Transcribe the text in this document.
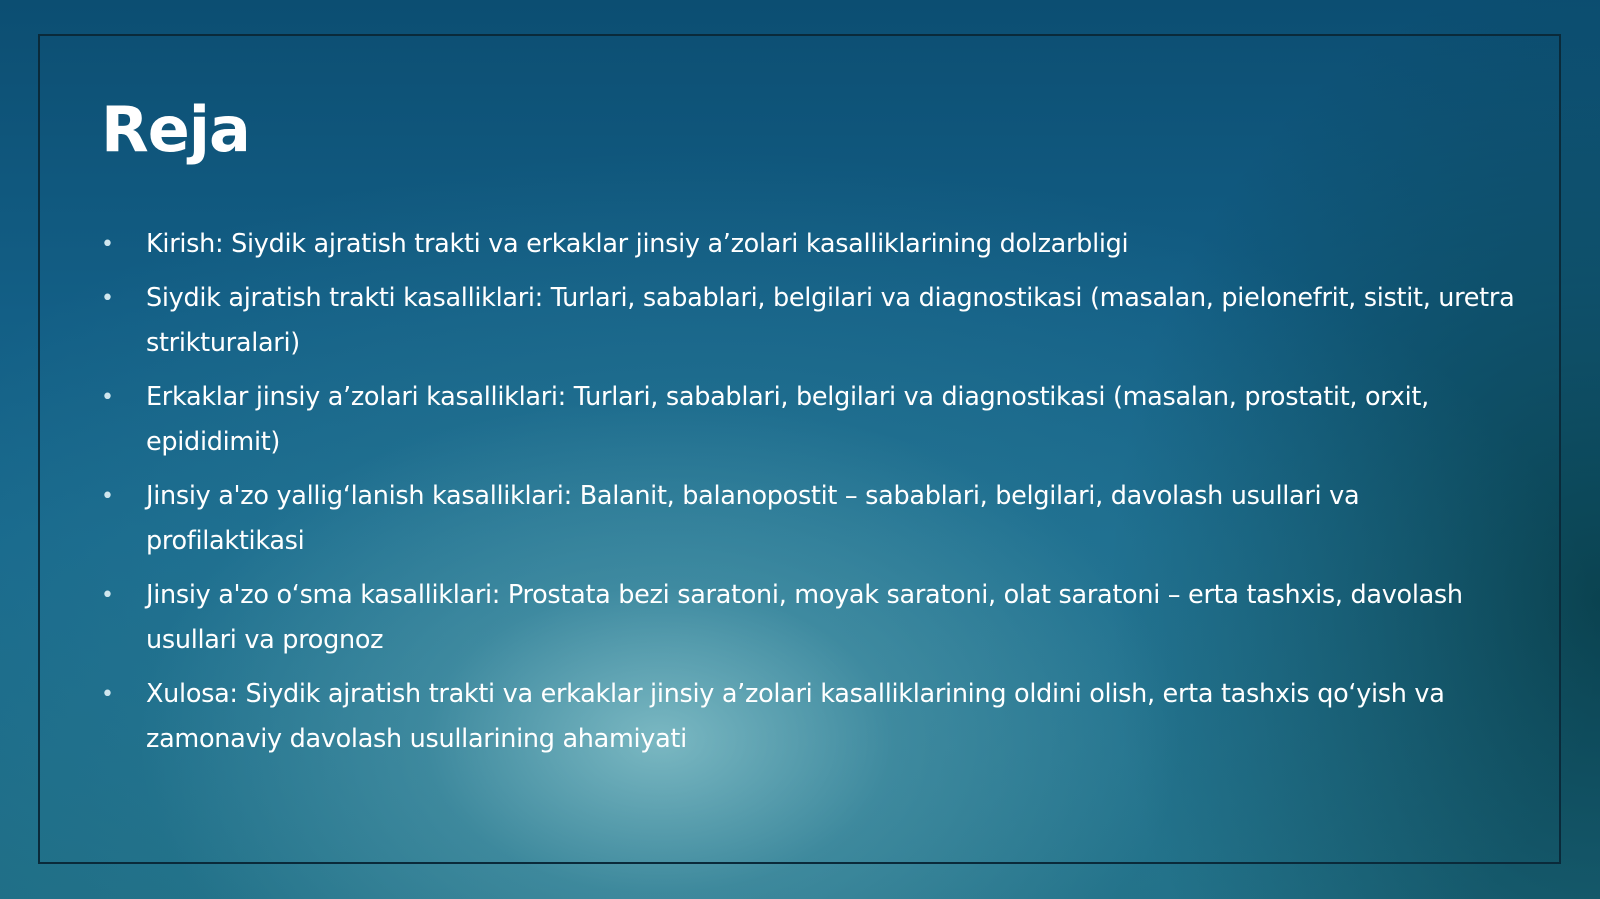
Reja
• Kirish: Siydik ajratish trakti va erkaklar jinsiy a’zolari kasalliklarining dolzarbligi
• Siydik ajratish trakti kasalliklari: Turlari, sabablari, belgilari va diagnostikasi (masalan, pielonefrit, sistit, uretra strikturalari)
• Erkaklar jinsiy a’zolari kasalliklari: Turlari, sabablari, belgilari va diagnostikasi (masalan, prostatit, orxit, epididimit)
• Jinsiy a'zo yallig‘lanish kasalliklari: Balanit, balanopostit – sabablari, belgilari, davolash usullari va profilaktikasi
• Jinsiy a'zo o‘sma kasalliklari: Prostata bezi saratoni, moyak saratoni, olat saratoni – erta tashxis, davolash usullari va prognoz
• Xulosa: Siydik ajratish trakti va erkaklar jinsiy a’zolari kasalliklarining oldini olish, erta tashxis qo‘yish va zamonaviy davolash usullarining ahamiyati
